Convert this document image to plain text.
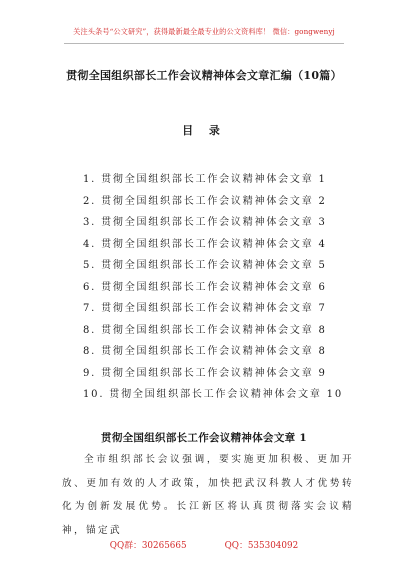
关注头条号“公文研究”，获得最新最全最专业的公文资料库！ 微信：gongwenyj
贯彻全国组织部长工作会议精神体会文章汇编（10篇）
目 录
1. 贯彻全国组织部长工作会议精神体会文章 1
2. 贯彻全国组织部长工作会议精神体会文章 2
3. 贯彻全国组织部长工作会议精神体会文章 3
4. 贯彻全国组织部长工作会议精神体会文章 4
5. 贯彻全国组织部长工作会议精神体会文章 5
6. 贯彻全国组织部长工作会议精神体会文章 6
7. 贯彻全国组织部长工作会议精神体会文章 7
8. 贯彻全国组织部长工作会议精神体会文章 8
8. 贯彻全国组织部长工作会议精神体会文章 8
9. 贯彻全国组织部长工作会议精神体会文章 9
10. 贯彻全国组织部长工作会议精神体会文章 10
贯彻全国组织部长工作会议精神体会文章 1

全市组织部长会议强调，要实施更加积极、更加开放、更加有效的人才政策，加快把武汉科教人才优势转化为创新发展优势。长江新区将认真贯彻落实会议精神，锚定武

QQ群：30265665	QQ：535304092
